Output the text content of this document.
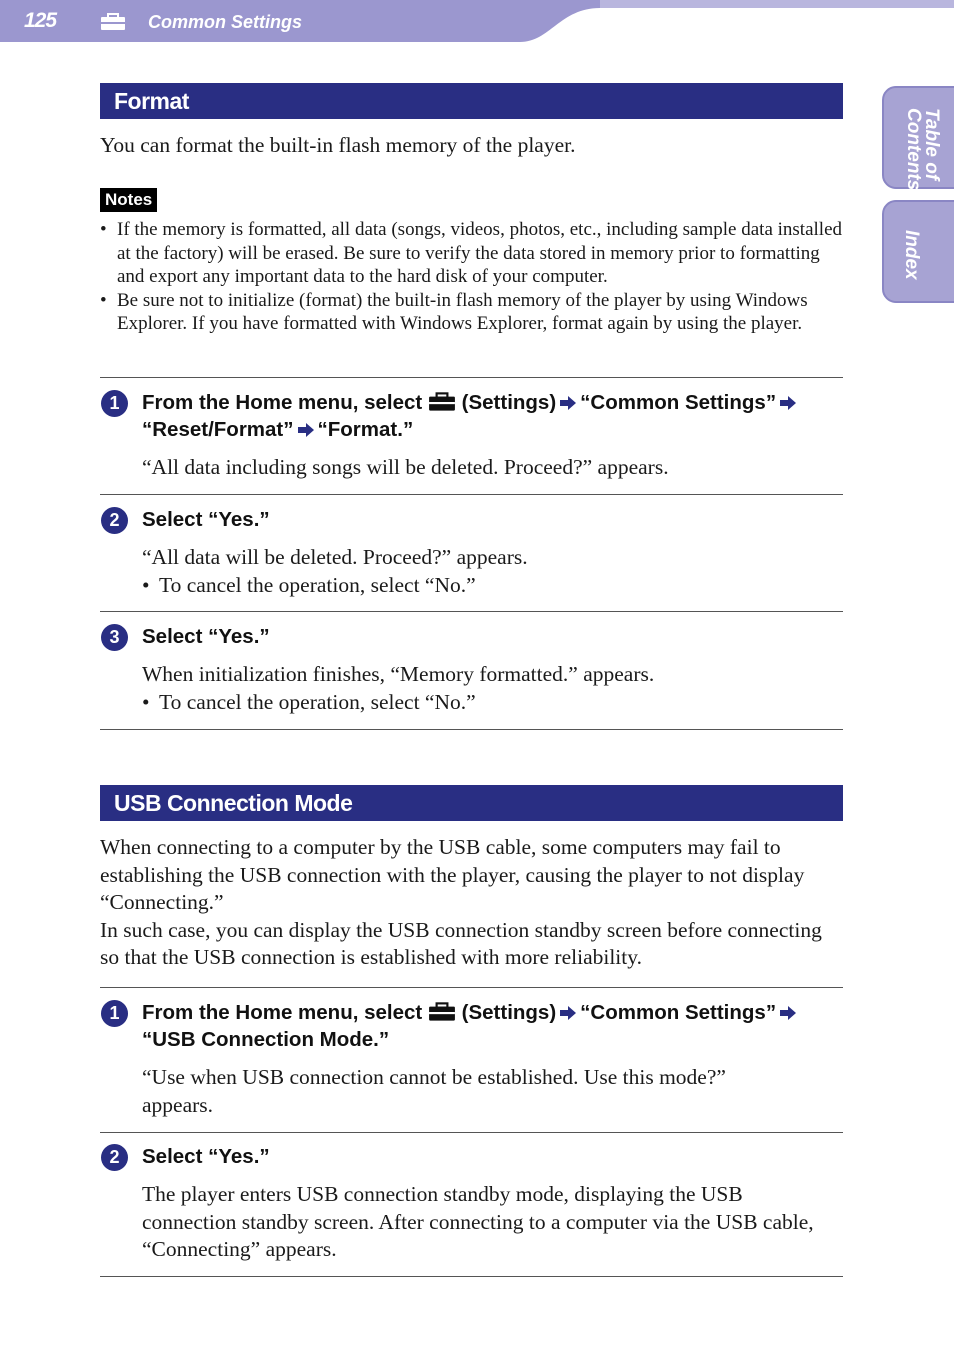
125	Common Settings
Table of
Contents
Index
Format
You can format the built-in flash memory of the player.
Notes
• If the memory is formatted, all data (songs, videos, photos, etc., including sample data installed at the factory) will be erased. Be sure to verify the data stored in memory prior to formatting and export any important data to the hard disk of your computer.
• Be sure not to initialize (format) the built-in flash memory of the player by using Windows Explorer. If you have formatted with Windows Explorer, format again by using the player.
1	From the Home menu, select (Settings) “Common Settings”
“Reset/Format” “Format.”
“All data including songs will be deleted. Proceed?” appears.
2	Select “Yes.”
“All data will be deleted. Proceed?” appears.
• To cancel the operation, select “No.”
3	Select “Yes.”
When initialization finishes, “Memory formatted.” appears.
• To cancel the operation, select “No.”
USB Connection Mode
When connecting to a computer by the USB cable, some computers may fail to establishing the USB connection with the player, causing the player to not display “Connecting.”
In such case, you can display the USB connection standby screen before connecting so that the USB connection is established with more reliability.
1	From the Home menu, select (Settings) “Common Settings”
“USB Connection Mode.”
“Use when USB connection cannot be established. Use this mode?” appears.
2	Select “Yes.”
The player enters USB connection standby mode, displaying the USB connection standby screen. After connecting to a computer via the USB cable, “Connecting” appears.
